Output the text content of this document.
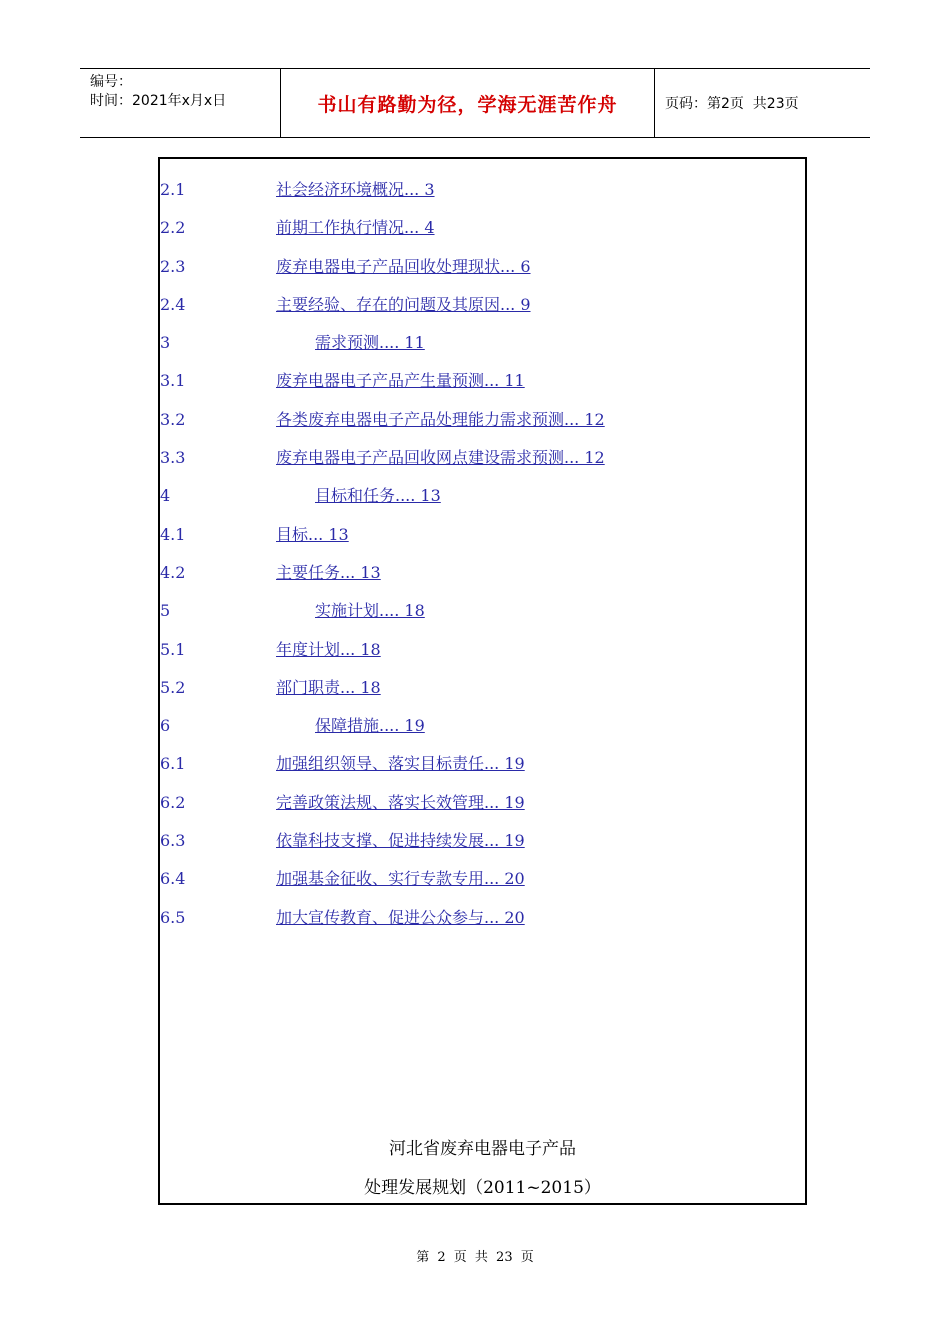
编号：
时间：2021年x月x日	书山有路勤为径，学海无涯苦作舟	页码：第2页  共23页
2.1	社会经济环境概况... 3
2.2	前期工作执行情况... 4
2.3	废弃电器电子产品回收处理现状... 6
2.4	主要经验、存在的问题及其原因... 9
3	需求预测.... 11
3.1	废弃电器电子产品产生量预测... 11
3.2	各类废弃电器电子产品处理能力需求预测... 12
3.3	废弃电器电子产品回收网点建设需求预测... 12
4	目标和任务.... 13
4.1	目标... 13
4.2	主要任务... 13
5	实施计划.... 18
5.1	年度计划... 18
5.2	部门职责... 18
6	保障措施.... 19
6.1	加强组织领导、落实目标责任... 19
6.2	完善政策法规、落实长效管理... 19
6.3	依靠科技支撑、促进持续发展... 19
6.4	加强基金征收、实行专款专用... 20
6.5	加大宣传教育、促进公众参与... 20
河北省废弃电器电子产品
处理发展规划（2011~2015）
第 2 页 共 23 页
